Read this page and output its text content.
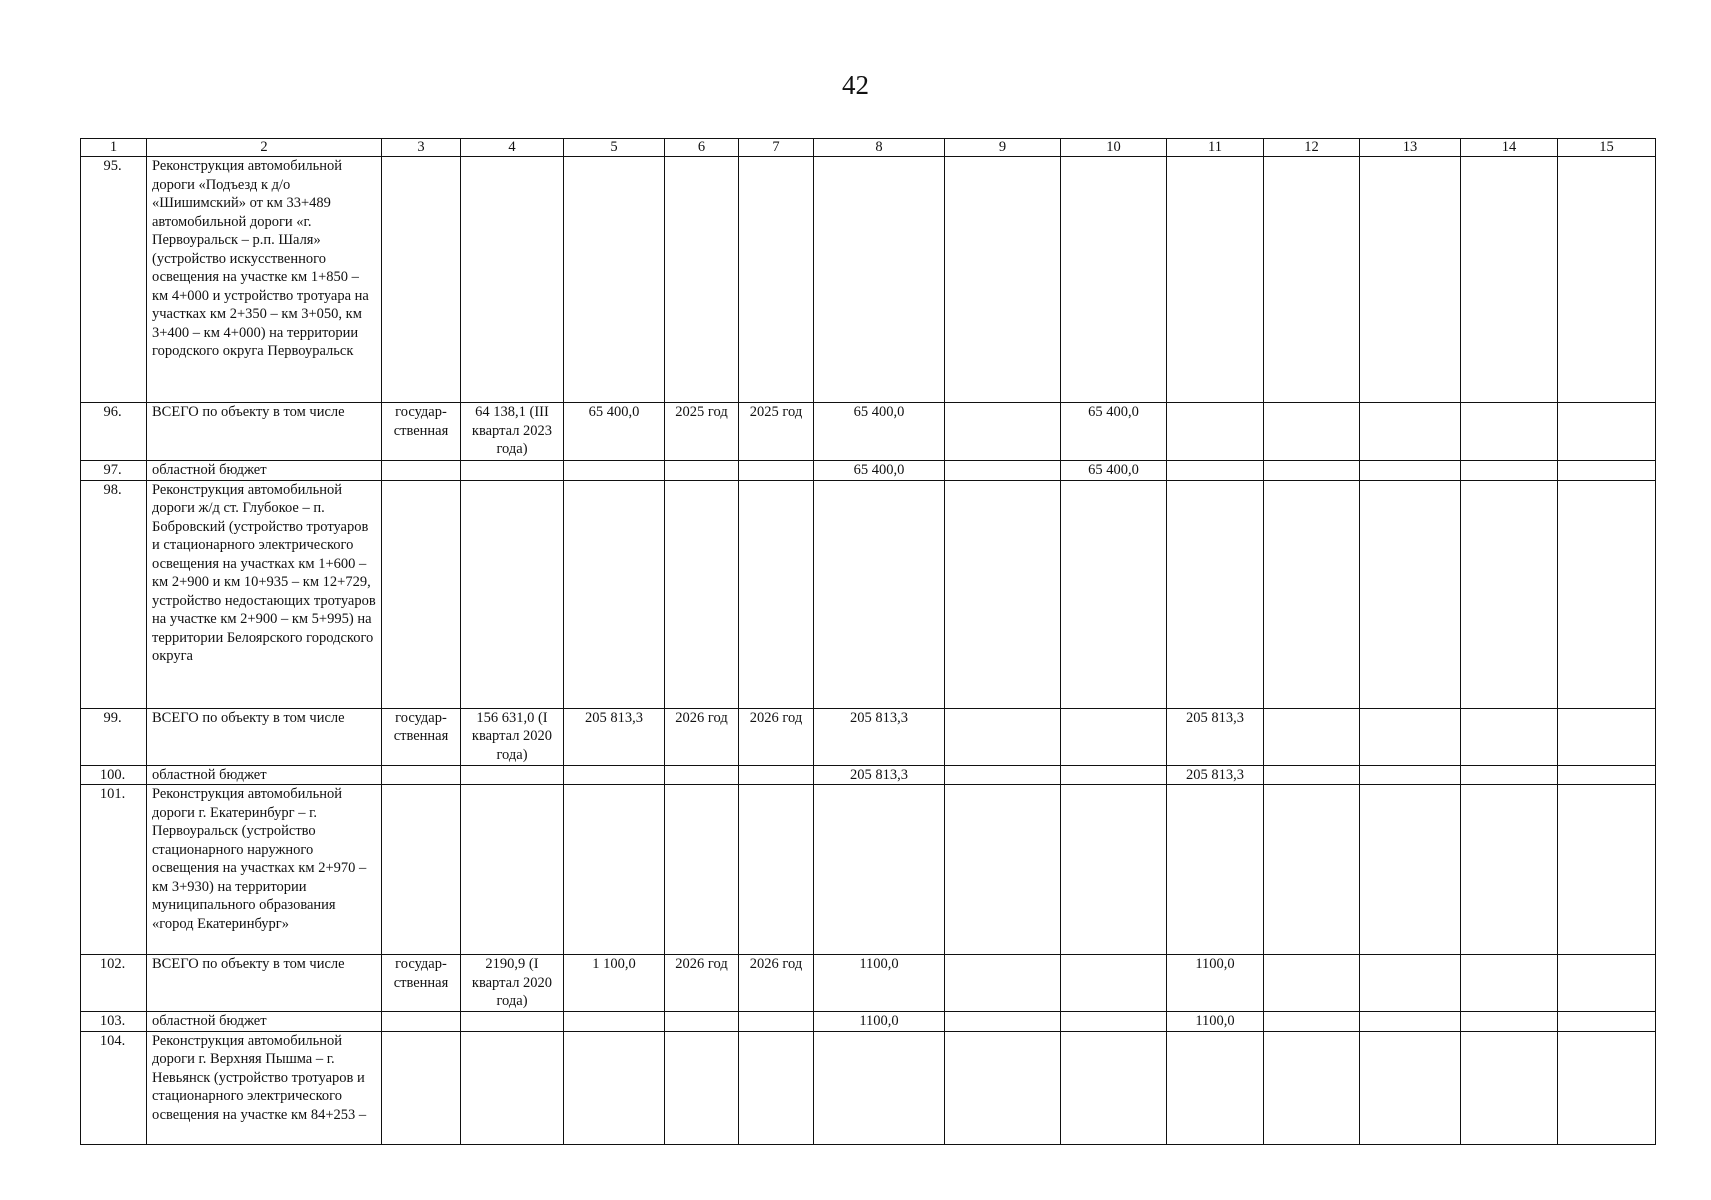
42
1	2	3	4	5	6	7	8	9	10	11	12	13	14	15
95.	Реконструкция автомобильной дороги «Подъезд к д/о «Шишимский» от км 33+489 автомобильной дороги «г. Первоуральск – р.п. Шаля» (устройство искусственного освещения на участке км 1+850 – км 4+000 и устройство тротуара на участках км 2+350 – км 3+050, км 3+400 – км 4+000) на территории городского округа Первоуральск													
96.	ВСЕГО по объекту в том числе	государ-ственная	64 138,1 (III квартал 2023 года)	65 400,0	2025 год	2025 год	65 400,0		65 400,0					
97.	областной бюджет						65 400,0		65 400,0					
98.	Реконструкция автомобильной дороги ж/д ст. Глубокое – п. Бобровский (устройство тротуаров и стационарного электрического освещения на участках км 1+600 – км 2+900 и км 10+935 – км 12+729, устройство недостающих тротуаров на участке км 2+900 – км 5+995) на территории Белоярского городского округа													
99.	ВСЕГО по объекту в том числе	государ-ственная	156 631,0 (I квартал 2020 года)	205 813,3	2026 год	2026 год	205 813,3			205 813,3				
100.	областной бюджет						205 813,3			205 813,3				
101.	Реконструкция автомобильной дороги г. Екатеринбург – г. Первоуральск (устройство стационарного наружного освещения на участках км 2+970 – км 3+930) на территории муниципального образования «город Екатеринбург»													
102.	ВСЕГО по объекту в том числе	государ-ственная	2190,9 (I квартал 2020 года)	1 100,0	2026 год	2026 год	1100,0			1100,0				
103.	областной бюджет						1100,0			1100,0				
104.	Реконструкция автомобильной дороги г. Верхняя Пышма – г. Невьянск (устройство тротуаров и стационарного электрического освещения на участке км 84+253 –													
